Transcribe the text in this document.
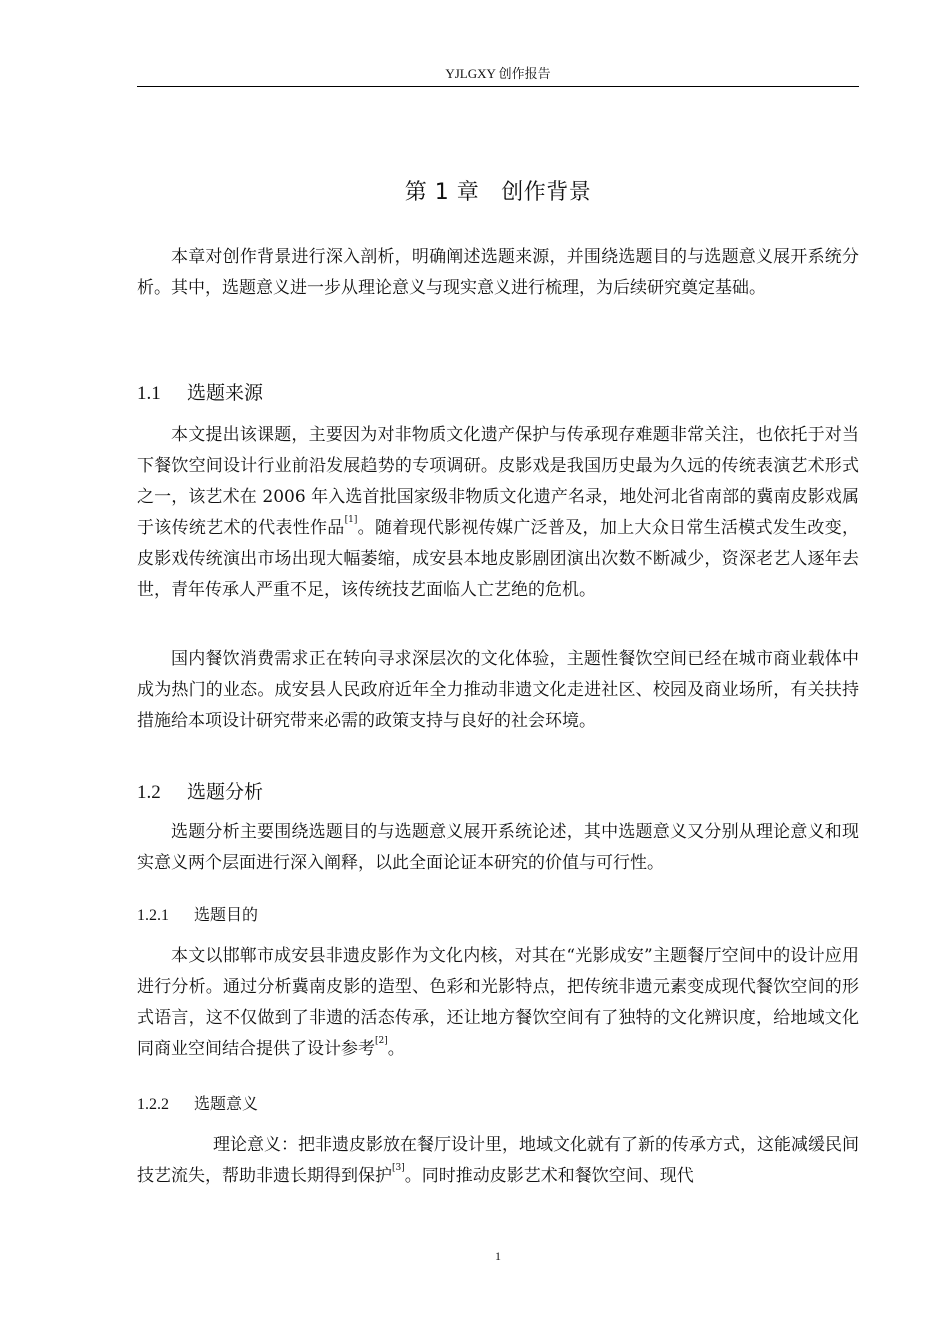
YJLGXY 创作报告
第 1 章 创作背景

本章对创作背景进行深入剖析，明确阐述选题来源，并围绕选题目的与选题意义展开系统分析。其中，选题意义进一步从理论意义与现实意义进行梳理，为后续研究奠定基础。

1.1 选题来源

本文提出该课题，主要因为对非物质文化遗产保护与传承现存难题非常关注，也依托于对当下餐饮空间设计行业前沿发展趋势的专项调研。皮影戏是我国历史最为久远的传统表演艺术形式之一，该艺术在 2006 年入选首批国家级非物质文化遗产名录，地处河北省南部的冀南皮影戏属于该传统艺术的代表性作品[1]。随着现代影视传媒广泛普及，加上大众日常生活模式发生改变，皮影戏传统演出市场出现大幅萎缩，成安县本地皮影剧团演出次数不断减少，资深老艺人逐年去世，青年传承人严重不足，该传统技艺面临人亡艺绝的危机。

国内餐饮消费需求正在转向寻求深层次的文化体验，主题性餐饮空间已经在城市商业载体中成为热门的业态。成安县人民政府近年全力推动非遗文化走进社区、校园及商业场所，有关扶持措施给本项设计研究带来必需的政策支持与良好的社会环境。

1.2 选题分析

选题分析主要围绕选题目的与选题意义展开系统论述，其中选题意义又分别从理论意义和现实意义两个层面进行深入阐释，以此全面论证本研究的价值与可行性。

1.2.1 选题目的

本文以邯郸市成安县非遗皮影作为文化内核，对其在“光影成安”主题餐厅空间中的设计应用进行分析。通过分析冀南皮影的造型、色彩和光影特点，把传统非遗元素变成现代餐饮空间的形式语言，这不仅做到了非遗的活态传承，还让地方餐饮空间有了独特的文化辨识度，给地域文化同商业空间结合提供了设计参考[2]。

1.2.2 选题意义

理论意义：把非遗皮影放在餐厅设计里，地域文化就有了新的传承方式，这能减缓民间技艺流失，帮助非遗长期得到保护[3]。同时推动皮影艺术和餐饮空间、现代

1
